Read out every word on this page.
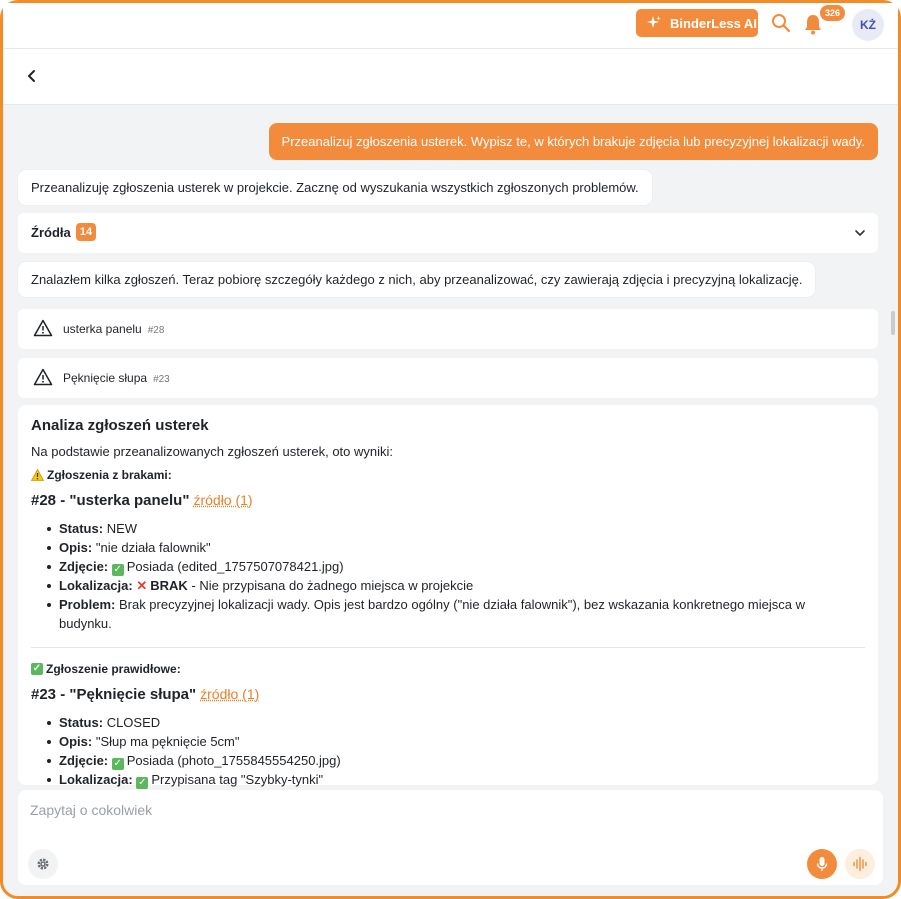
BinderLess AI
326
KŻ
Przeanalizuj zgłoszenia usterek. Wypisz te, w których brakuje zdjęcia lub precyzyjnej lokalizacji wady.
Przeanalizuję zgłoszenia usterek w projekcie. Zacznę od wyszukania wszystkich zgłoszonych problemów.
Źródła 14
Znalazłem kilka zgłoszeń. Teraz pobiorę szczegóły każdego z nich, aby przeanalizować, czy zawierają zdjęcia i precyzyjną lokalizację.
usterka panelu #28
Pęknięcie słupa #23
Analiza zgłoszeń usterek

Na podstawie przeanalizowanych zgłoszeń usterek, oto wyniki:

Zgłoszenia z brakami:
#28 - "usterka panelu" źródło (1)
Status: NEW
Opis: "nie działa falownik"
Zdjęcie: ✓ Posiada (edited_1757507078421.jpg)
Lokalizacja: ✕ BRAK - Nie przypisana do żadnego miejsca w projekcie
Problem: Brak precyzyjnej lokalizacji wady. Opis jest bardzo ogólny ("nie działa falownik"), bez wskazania konkretnego miejsca w budynku.
✓ Zgłoszenie prawidłowe:
#23 - "Pęknięcie słupa" źródło (1)
Status: CLOSED
Opis: "Słup ma pęknięcie 5cm"
Zdjęcie: ✓ Posiada (photo_1755845554250.jpg)
Lokalizacja: ✓ Przypisana tag "Szybky-tynki"
Zapytaj o cokolwiek
